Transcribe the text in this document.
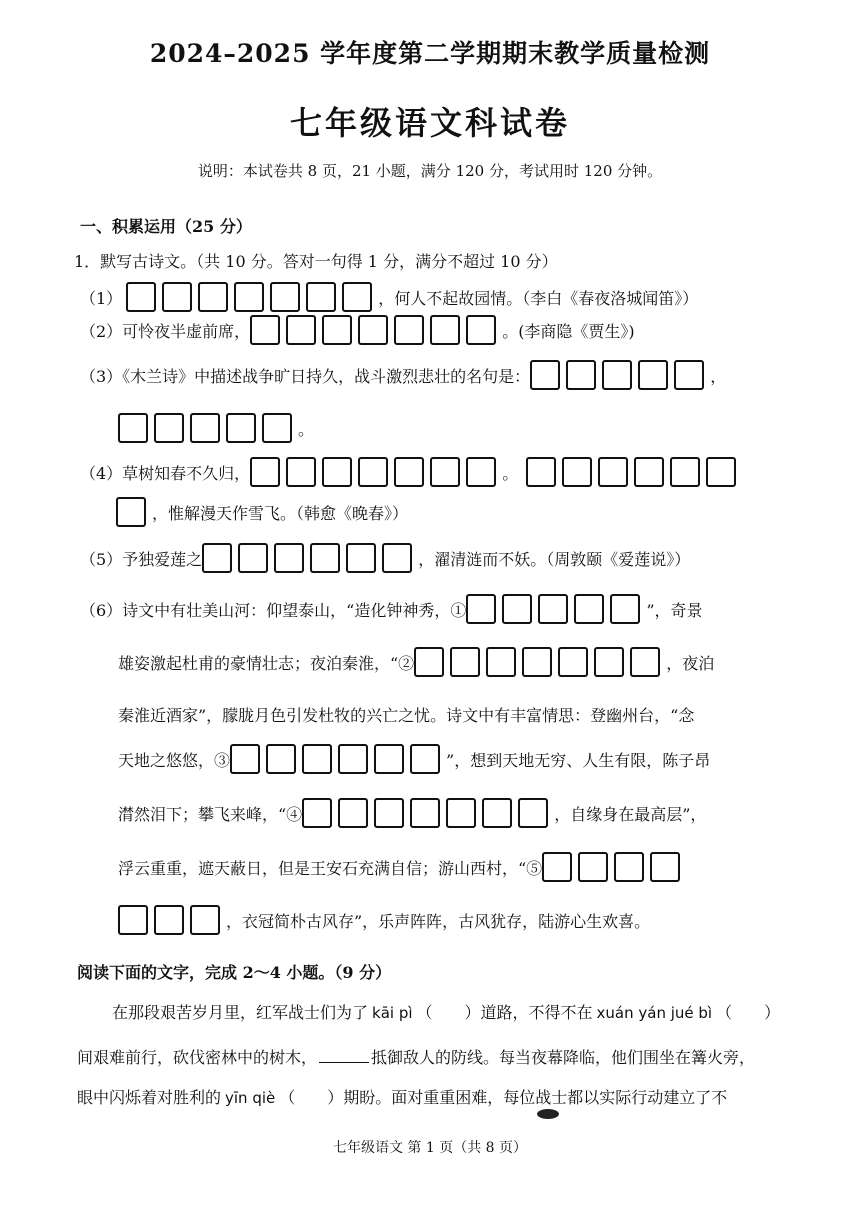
2024–2025 学年度第二学期期末教学质量检测
七年级语文科试卷
说明：本试卷共 8 页，21 小题，满分 120 分，考试用时 120 分钟。
一、积累运用（25 分）
1．默写古诗文。（共 10 分。答对一句得 1 分，满分不超过 10 分）
（1）	，何人不起故园情。（李白《春夜洛城闻笛》）
（2）可怜夜半虚前席，	。(李商隐《贾生》)
（3）《木兰诗》中描述战争旷日持久，战斗激烈悲壮的名句是：	，
。
（4）草树知春不久归，	。
，惟解漫天作雪飞。（韩愈《晚春》）
（5）予独爱莲之	，濯清涟而不妖。（周敦颐《爱莲说》）
（6）诗文中有壮美山河：仰望泰山，“造化钟神秀，①	”，奇景
雄姿激起杜甫的豪情壮志；夜泊秦淮，“②	，夜泊
秦淮近酒家”，朦胧月色引发杜牧的兴亡之忧。诗文中有丰富情思：登幽州台，“念
天地之悠悠，③	”，想到天地无穷、人生有限，陈子昂
潸然泪下；攀飞来峰，“④	，自缘身在最高层”，
浮云重重，遮天蔽日，但是王安石充满自信；游山西村，“⑤
，衣冠简朴古风存”，乐声阵阵，古风犹存，陆游心生欢喜。
阅读下面的文字，完成 2～4 小题。（9 分）
在那段艰苦岁月里，红军战士们为了 kāi pì （　　）道路，不得不在 xuán yán jué bì （　　）
间艰难前行，砍伐密林中的树木，	抵御敌人的防线。每当夜幕降临，他们围坐在篝火旁，
眼中闪烁着对胜利的 yīn qiè （　　）期盼。面对重重困难，每位战士都以实际行动建立了不
七年级语文 第 1 页（共 8 页）
